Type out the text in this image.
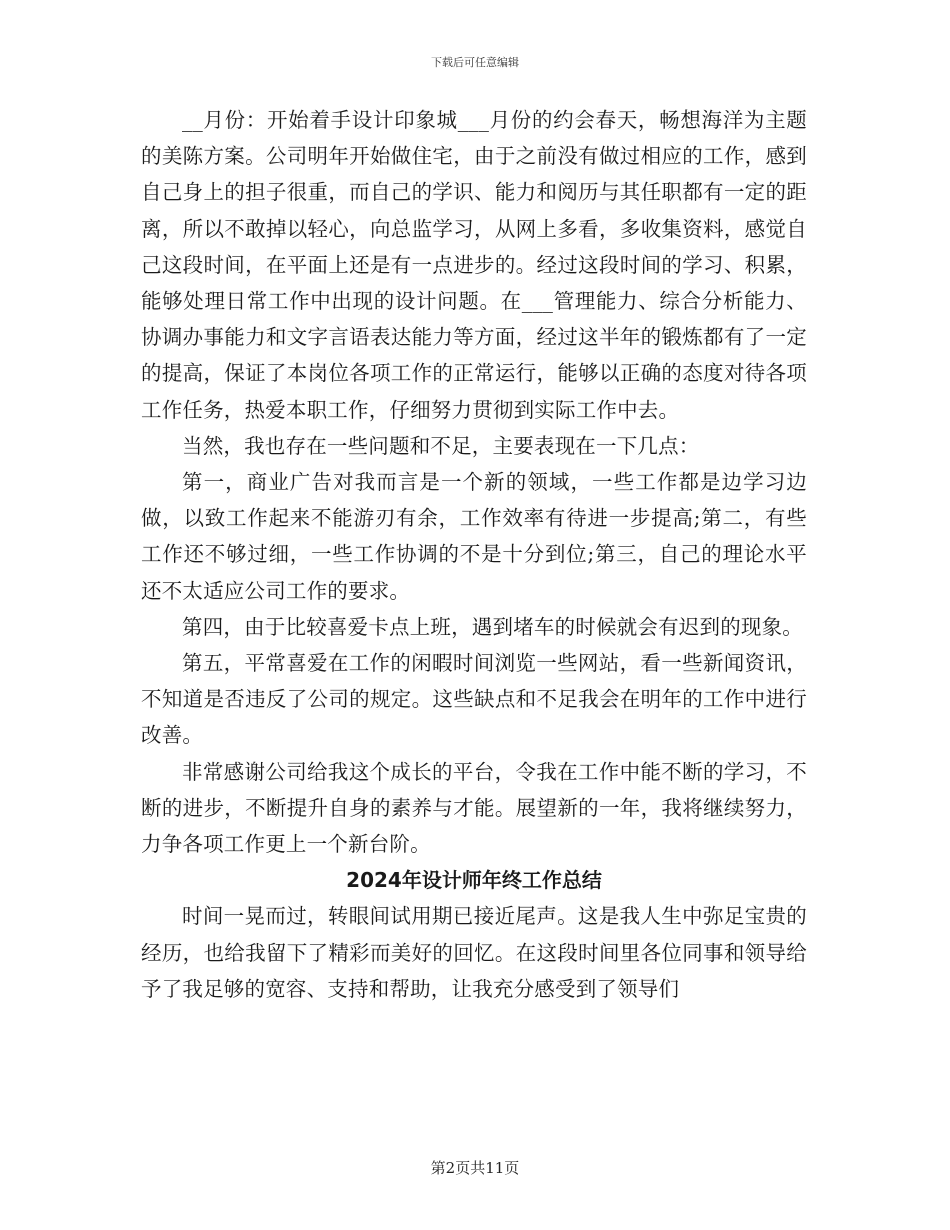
下载后可任意编辑

__月份：开始着手设计印象城___月份的约会春天，畅想海洋为主题的美陈方案。公司明年开始做住宅，由于之前没有做过相应的工作，感到自己身上的担子很重，而自己的学识、能力和阅历与其任职都有一定的距离，所以不敢掉以轻心，向总监学习，从网上多看，多收集资料，感觉自己这段时间，在平面上还是有一点进步的。经过这段时间的学习、积累，能够处理日常工作中出现的设计问题。在___管理能力、综合分析能力、协调办事能力和文字言语表达能力等方面，经过这半年的锻炼都有了一定的提高，保证了本岗位各项工作的正常运行，能够以正确的态度对待各项工作任务，热爱本职工作，仔细努力贯彻到实际工作中去。

当然，我也存在一些问题和不足，主要表现在一下几点：

第一，商业广告对我而言是一个新的领域，一些工作都是边学习边做，以致工作起来不能游刃有余，工作效率有待进一步提高;第二，有些工作还不够过细，一些工作协调的不是十分到位;第三，自己的理论水平还不太适应公司工作的要求。

第四，由于比较喜爱卡点上班，遇到堵车的时候就会有迟到的现象。

第五，平常喜爱在工作的闲暇时间浏览一些网站，看一些新闻资讯，不知道是否违反了公司的规定。这些缺点和不足我会在明年的工作中进行改善。

非常感谢公司给我这个成长的平台，令我在工作中能不断的学习，不断的进步，不断提升自身的素养与才能。展望新的一年，我将继续努力，力争各项工作更上一个新台阶。

2024年设计师年终工作总结

时间一晃而过，转眼间试用期已接近尾声。这是我人生中弥足宝贵的经历，也给我留下了精彩而美好的回忆。在这段时间里各位同事和领导给予了我足够的宽容、支持和帮助，让我充分感受到了领导们

第2页共11页
